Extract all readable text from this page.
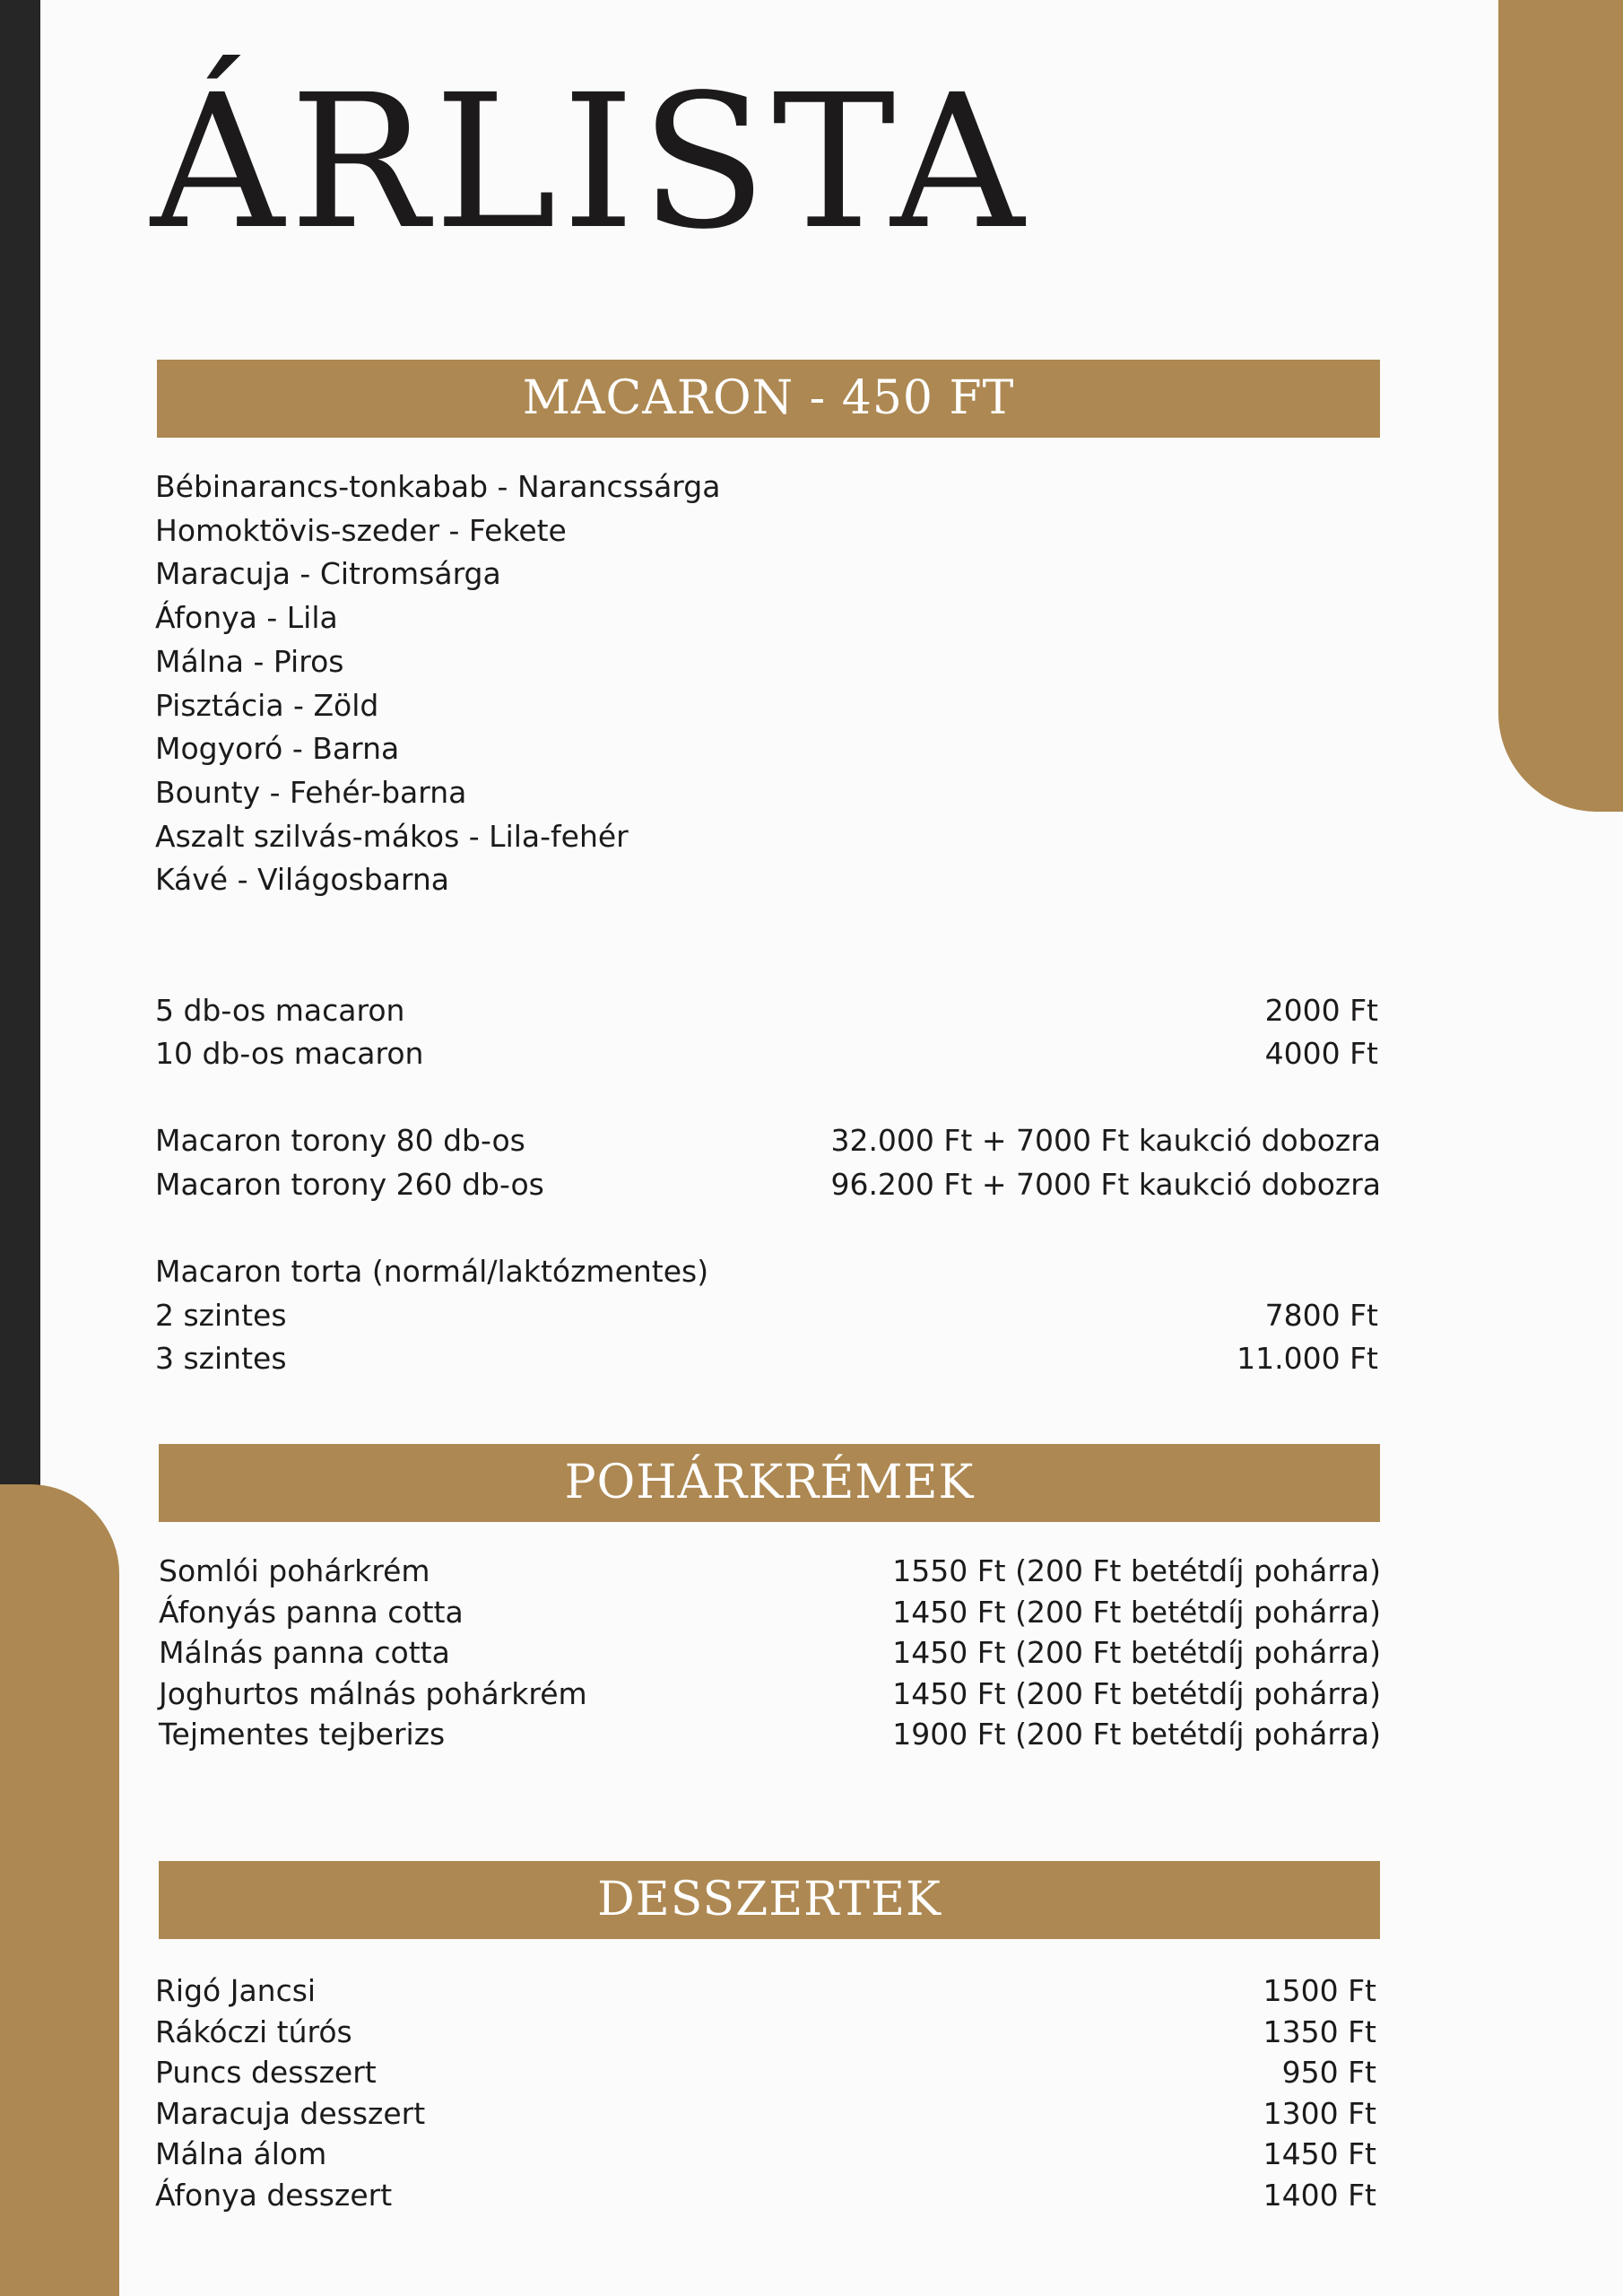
ÁRLISTA
MACARON - 450 FT
Bébinarancs-tonkabab - Narancssárga
Homoktövis-szeder - Fekete
Maracuja - Citromsárga
Áfonya - Lila
Málna - Piros
Pisztácia - Zöld
Mogyoró - Barna
Bounty - Fehér-barna
Aszalt szilvás-mákos - Lila-fehér
Kávé - Világosbarna
5 db-os macaron	2000 Ft
10 db-os macaron	4000 Ft
Macaron torony 80 db-os	32.000 Ft + 7000 Ft kaukció dobozra
Macaron torony 260 db-os	96.200 Ft + 7000 Ft kaukció dobozra
Macaron torta (normál/laktózmentes)
2 szintes	7800 Ft
3 szintes	11.000 Ft
POHÁRKRÉMEK
Somlói pohárkrém	1550 Ft (200 Ft betétdíj pohárra)
Áfonyás panna cotta	1450 Ft (200 Ft betétdíj pohárra)
Málnás panna cotta	1450 Ft (200 Ft betétdíj pohárra)
Joghurtos málnás pohárkrém	1450 Ft (200 Ft betétdíj pohárra)
Tejmentes tejberizs	1900 Ft (200 Ft betétdíj pohárra)
DESSZERTEK
Rigó Jancsi	1500 Ft
Rákóczi túrós	1350 Ft
Puncs desszert	950 Ft
Maracuja desszert	1300 Ft
Málna álom	1450 Ft
Áfonya desszert	1400 Ft
